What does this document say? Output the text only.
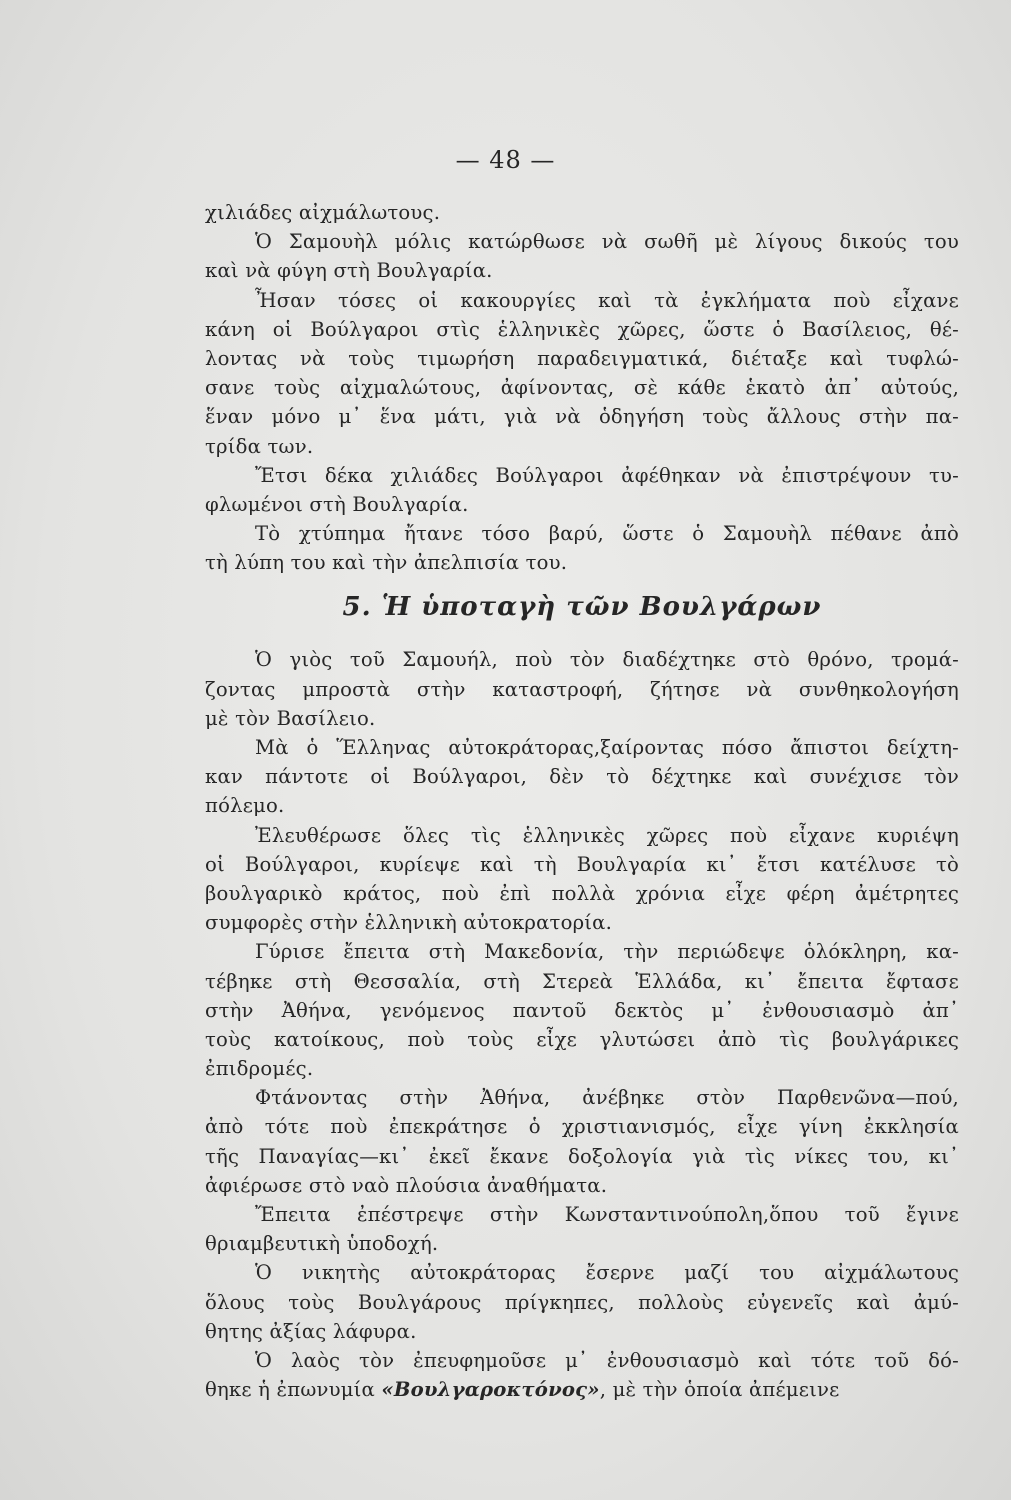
— 48 —
χιλιάδες αἰχμάλωτους.
Ὁ Σαμουὴλ μόλις κατώρθωσε νὰ σωθῆ μὲ λίγους δικούς του
καὶ νὰ φύγη στὴ Βουλγαρία.
Ἦσαν τόσες οἱ κακουργίες καὶ τὰ ἐγκλήματα ποὺ εἶχανε
κάνη οἱ Βούλγαροι στὶς ἑλληνικὲς χῶρες, ὥστε ὁ Βασίλειος, θέ-
λοντας νὰ τοὺς τιμωρήση παραδειγματικά, διέταξε καὶ τυφλώ-
σανε τοὺς αἰχμαλώτους, ἀφίνοντας, σὲ κάθε ἑκατὸ ἀπ᾿ αὐτούς,
ἕναν μόνο μ᾿ ἕνα μάτι, γιὰ νὰ ὁδηγήση τοὺς ἄλλους στὴν πα-
τρίδα των.
Ἔτσι δέκα χιλιάδες Βούλγαροι ἀφέθηκαν νὰ ἐπιστρέψουν τυ-
φλωμένοι στὴ Βουλγαρία.
Τὸ χτύπημα ἤτανε τόσο βαρύ, ὥστε ὁ Σαμουὴλ πέθανε ἀπὸ
τὴ λύπη του καὶ τὴν ἀπελπισία του.
5. Ἡ ὑποταγὴ τῶν Βουλγάρων
Ὁ γιὸς τοῦ Σαμουήλ, ποὺ τὸν διαδέχτηκε στὸ θρόνο, τρομά-
ζοντας μπροστὰ στὴν καταστροφή, ζήτησε νὰ συνθηκολογήση
μὲ τὸν Βασίλειο.
Μὰ ὁ Ἕλληνας αὐτοκράτορας,ξαίροντας πόσο ἄπιστοι δείχτη-
καν πάντοτε οἱ Βούλγαροι, δὲν τὸ δέχτηκε καὶ συνέχισε τὸν
πόλεμο.
Ἐλευθέρωσε ὅλες τὶς ἑλληνικὲς χῶρες ποὺ εἶχανε κυριέψη
οἱ Βούλγαροι, κυρίεψε καὶ τὴ Βουλγαρία κι᾿ ἔτσι κατέλυσε τὸ
βουλγαρικὸ κράτος, ποὺ ἐπὶ πολλὰ χρόνια εἶχε φέρη ἀμέτρητες
συμφορὲς στὴν ἑλληνικὴ αὐτοκρατορία.
Γύρισε ἔπειτα στὴ Μακεδονία, τὴν περιώδεψε ὁλόκληρη, κα-
τέβηκε στὴ Θεσσαλία, στὴ Στερεὰ Ἑλλάδα, κι᾿ ἔπειτα ἔφτασε
στὴν Ἀθήνα, γενόμενος παντοῦ δεκτὸς μ᾿ ἐνθουσιασμὸ ἀπ᾿
τοὺς κατοίκους, ποὺ τοὺς εἶχε γλυτώσει ἀπὸ τὶς βουλγάρικες
ἐπιδρομές.
Φτάνοντας στὴν Ἀθήνα, ἀνέβηκε στὸν Παρθενῶνα—πού,
ἀπὸ τότε ποὺ ἐπεκράτησε ὁ χριστιανισμός, εἶχε γίνη ἐκκλησία
τῆς Παναγίας—κι᾿ ἐκεῖ ἔκανε δοξολογία γιὰ τὶς νίκες του, κι᾿
ἀφιέρωσε στὸ ναὸ πλούσια ἀναθήματα.
Ἔπειτα ἐπέστρεψε στὴν Κωνσταντινούπολη,ὅπου τοῦ ἔγινε
θριαμβευτικὴ ὑποδοχή.
Ὁ νικητὴς αὐτοκράτορας ἔσερνε μαζί του αἰχμάλωτους
ὅλους τοὺς Βουλγάρους πρίγκηπες, πολλοὺς εὐγενεῖς καὶ ἀμύ-
θητης ἀξίας λάφυρα.
Ὁ λαὸς τὸν ἐπευφημοῦσε μ᾿ ἐνθουσιασμὸ καὶ τότε τοῦ δό-
θηκε ἡ ἐπωνυμία «Βουλγαροκτόνος», μὲ τὴν ὁποία ἀπέμεινε
